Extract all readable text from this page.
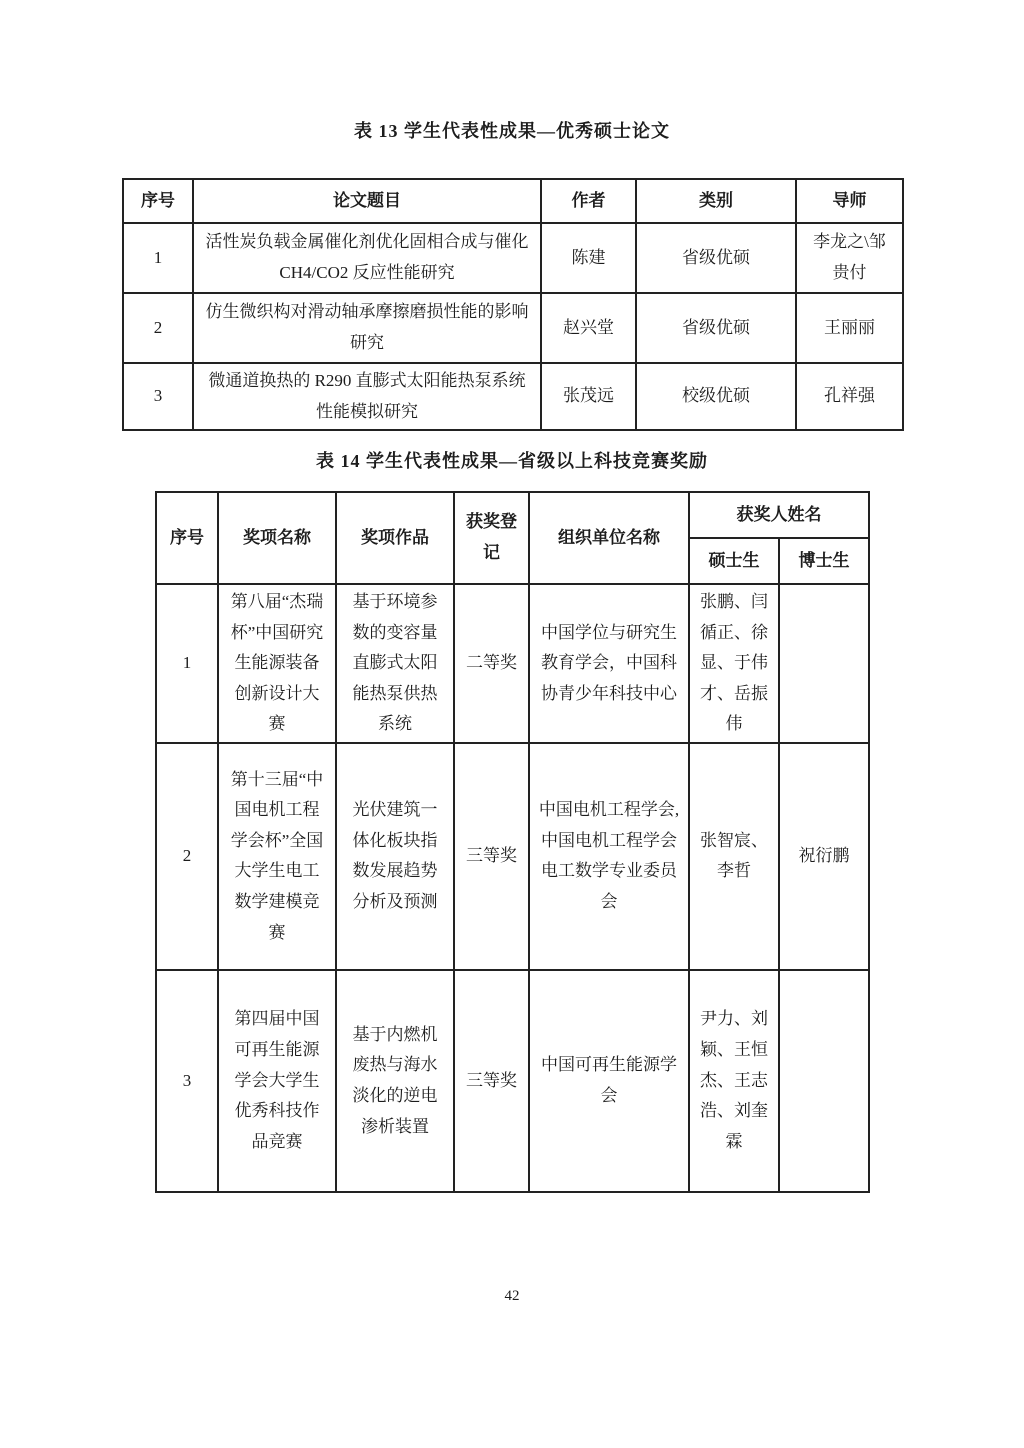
表 13 学生代表性成果—优秀硕士论文
序号	论文题目	作者	类别	导师
1	活性炭负载金属催化剂优化固相合成与催化 CH4/CO2 反应性能研究	陈建	省级优硕	李龙之\邹贵付
2	仿生微织构对滑动轴承摩擦磨损性能的影响研究	赵兴堂	省级优硕	王丽丽
3	微通道换热的 R290 直膨式太阳能热泵系统性能模拟研究	张茂远	校级优硕	孔祥强
表 14 学生代表性成果—省级以上科技竞赛奖励
序号	奖项名称	奖项作品	获奖登记	组织单位名称	获奖人姓名	
					硕士生	博士生
1	第八届“杰瑞杯”中国研究生能源装备创新设计大赛	基于环境参数的变容量直膨式太阳能热泵供热系统	二等奖	中国学位与研究生教育学会，中国科协青少年科技中心	张鹏、闫循正、徐显、于伟才、岳振伟	
2	第十三届“中国电机工程学会杯”全国大学生电工数学建模竞赛	光伏建筑一体化板块指数发展趋势分析及预测	三等奖	中国电机工程学会,中国电机工程学会电工数学专业委员会	张智宸、李哲	祝衍鹏
3	第四届中国可再生能源学会大学生优秀科技作品竞赛	基于内燃机废热与海水淡化的逆电渗析装置	三等奖	中国可再生能源学会	尹力、刘颖、王恒杰、王志浩、刘奎霖	
42
